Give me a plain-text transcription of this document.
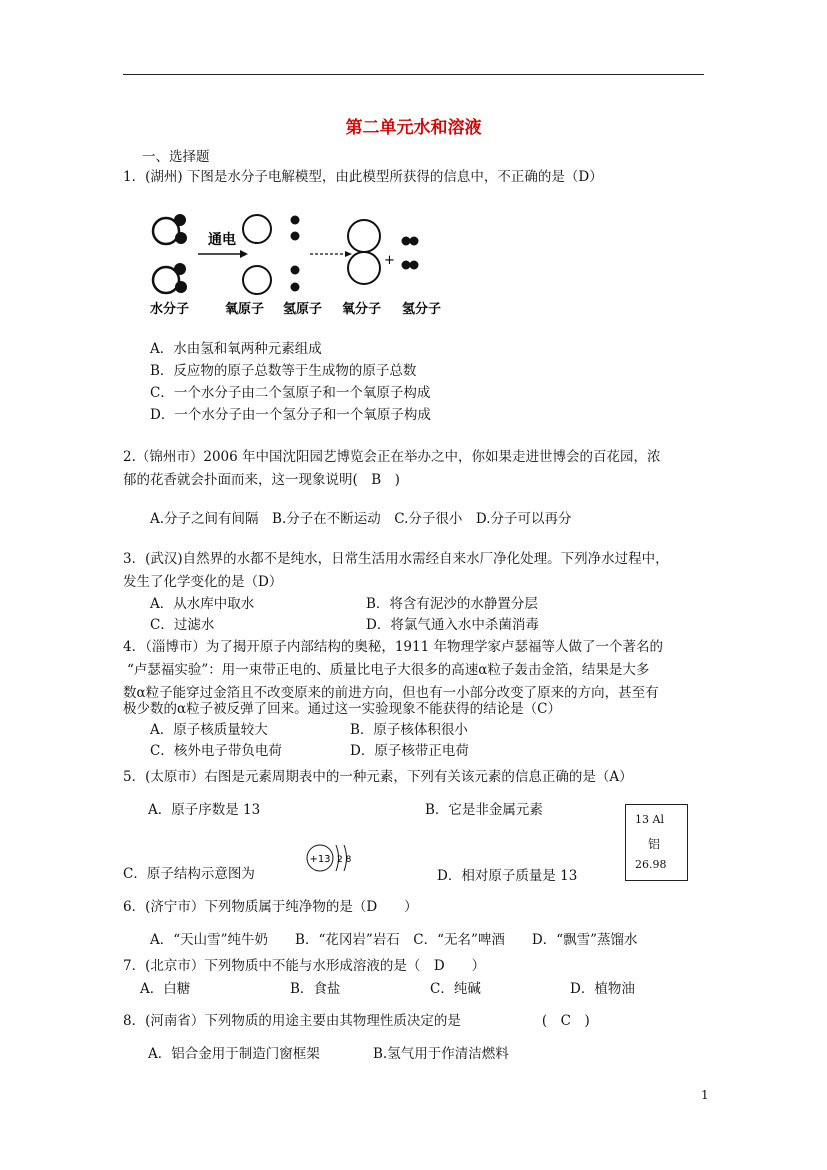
第二单元水和溶液
一、选择题
1．(湖州) 下图是水分子电解模型，由此模型所获得的信息中，不正确的是（D）
通电
+
水分子	氧原子 氢原子 氧分子 氢分子
A．水由氢和氧两种元素组成
B．反应物的原子总数等于生成物的原子总数
C．一个水分子由二个氢原子和一个氧原子构成
D．一个水分子由一个氢分子和一个氧原子构成
2.（锦州市）2006 年中国沈阳园艺博览会正在举办之中，你如果走进世博会的百花园，浓
郁的花香就会扑面而来，这一现象说明(　B　)
A.分子之间有间隔　B.分子在不断运动　C.分子很小　D.分子可以再分
3．(武汉)自然界的水都不是纯水，日常生活用水需经自来水厂净化处理。下列净水过程中，
发生了化学变化的是（D）
A．从水库中取水	B．将含有泥沙的水静置分层
C．过滤水	D．将氯气通入水中杀菌消毒
4．（淄博市）为了揭开原子内部结构的奥秘，1911 年物理学家卢瑟福等人做了一个著名的
“卢瑟福实验”：用一束带正电的、质量比电子大很多的高速α粒子轰击金箔，结果是大多
数α粒子能穿过金箔且不改变原来的前进方向，但也有一小部分改变了原来的方向，甚至有
极少数的α粒子被反弹了回来。通过这一实验现象不能获得的结论是（C）
A．原子核质量较大	B．原子核体积很小
C．核外电子带负电荷	D．原子核带正电荷
5．(太原市）右图是元素周期表中的一种元素，下列有关该元素的信息正确的是（A）
A．原子序数是 13	B．它是非金属元素
13 Al
铝
26.98
C．原子结构示意图为
+13 2 8
D．相对原子质量是 13
6．(济宁市）下列物质属于纯净物的是（D　　）
A．“天山雪”纯牛奶　　B．“花冈岩”岩石　C．“无名”啤酒　　D．“飘雪”蒸馏水
7．(北京市）下列物质中不能与水形成溶液的是（　D　　）
A．白糖	B．食盐	C．纯碱	D．植物油
8．(河南省）下列物质的用途主要由其物理性质决定的是　　　　　　(　C　)
A．铝合金用于制造门窗框架	B.氢气用于作清洁燃料
1
